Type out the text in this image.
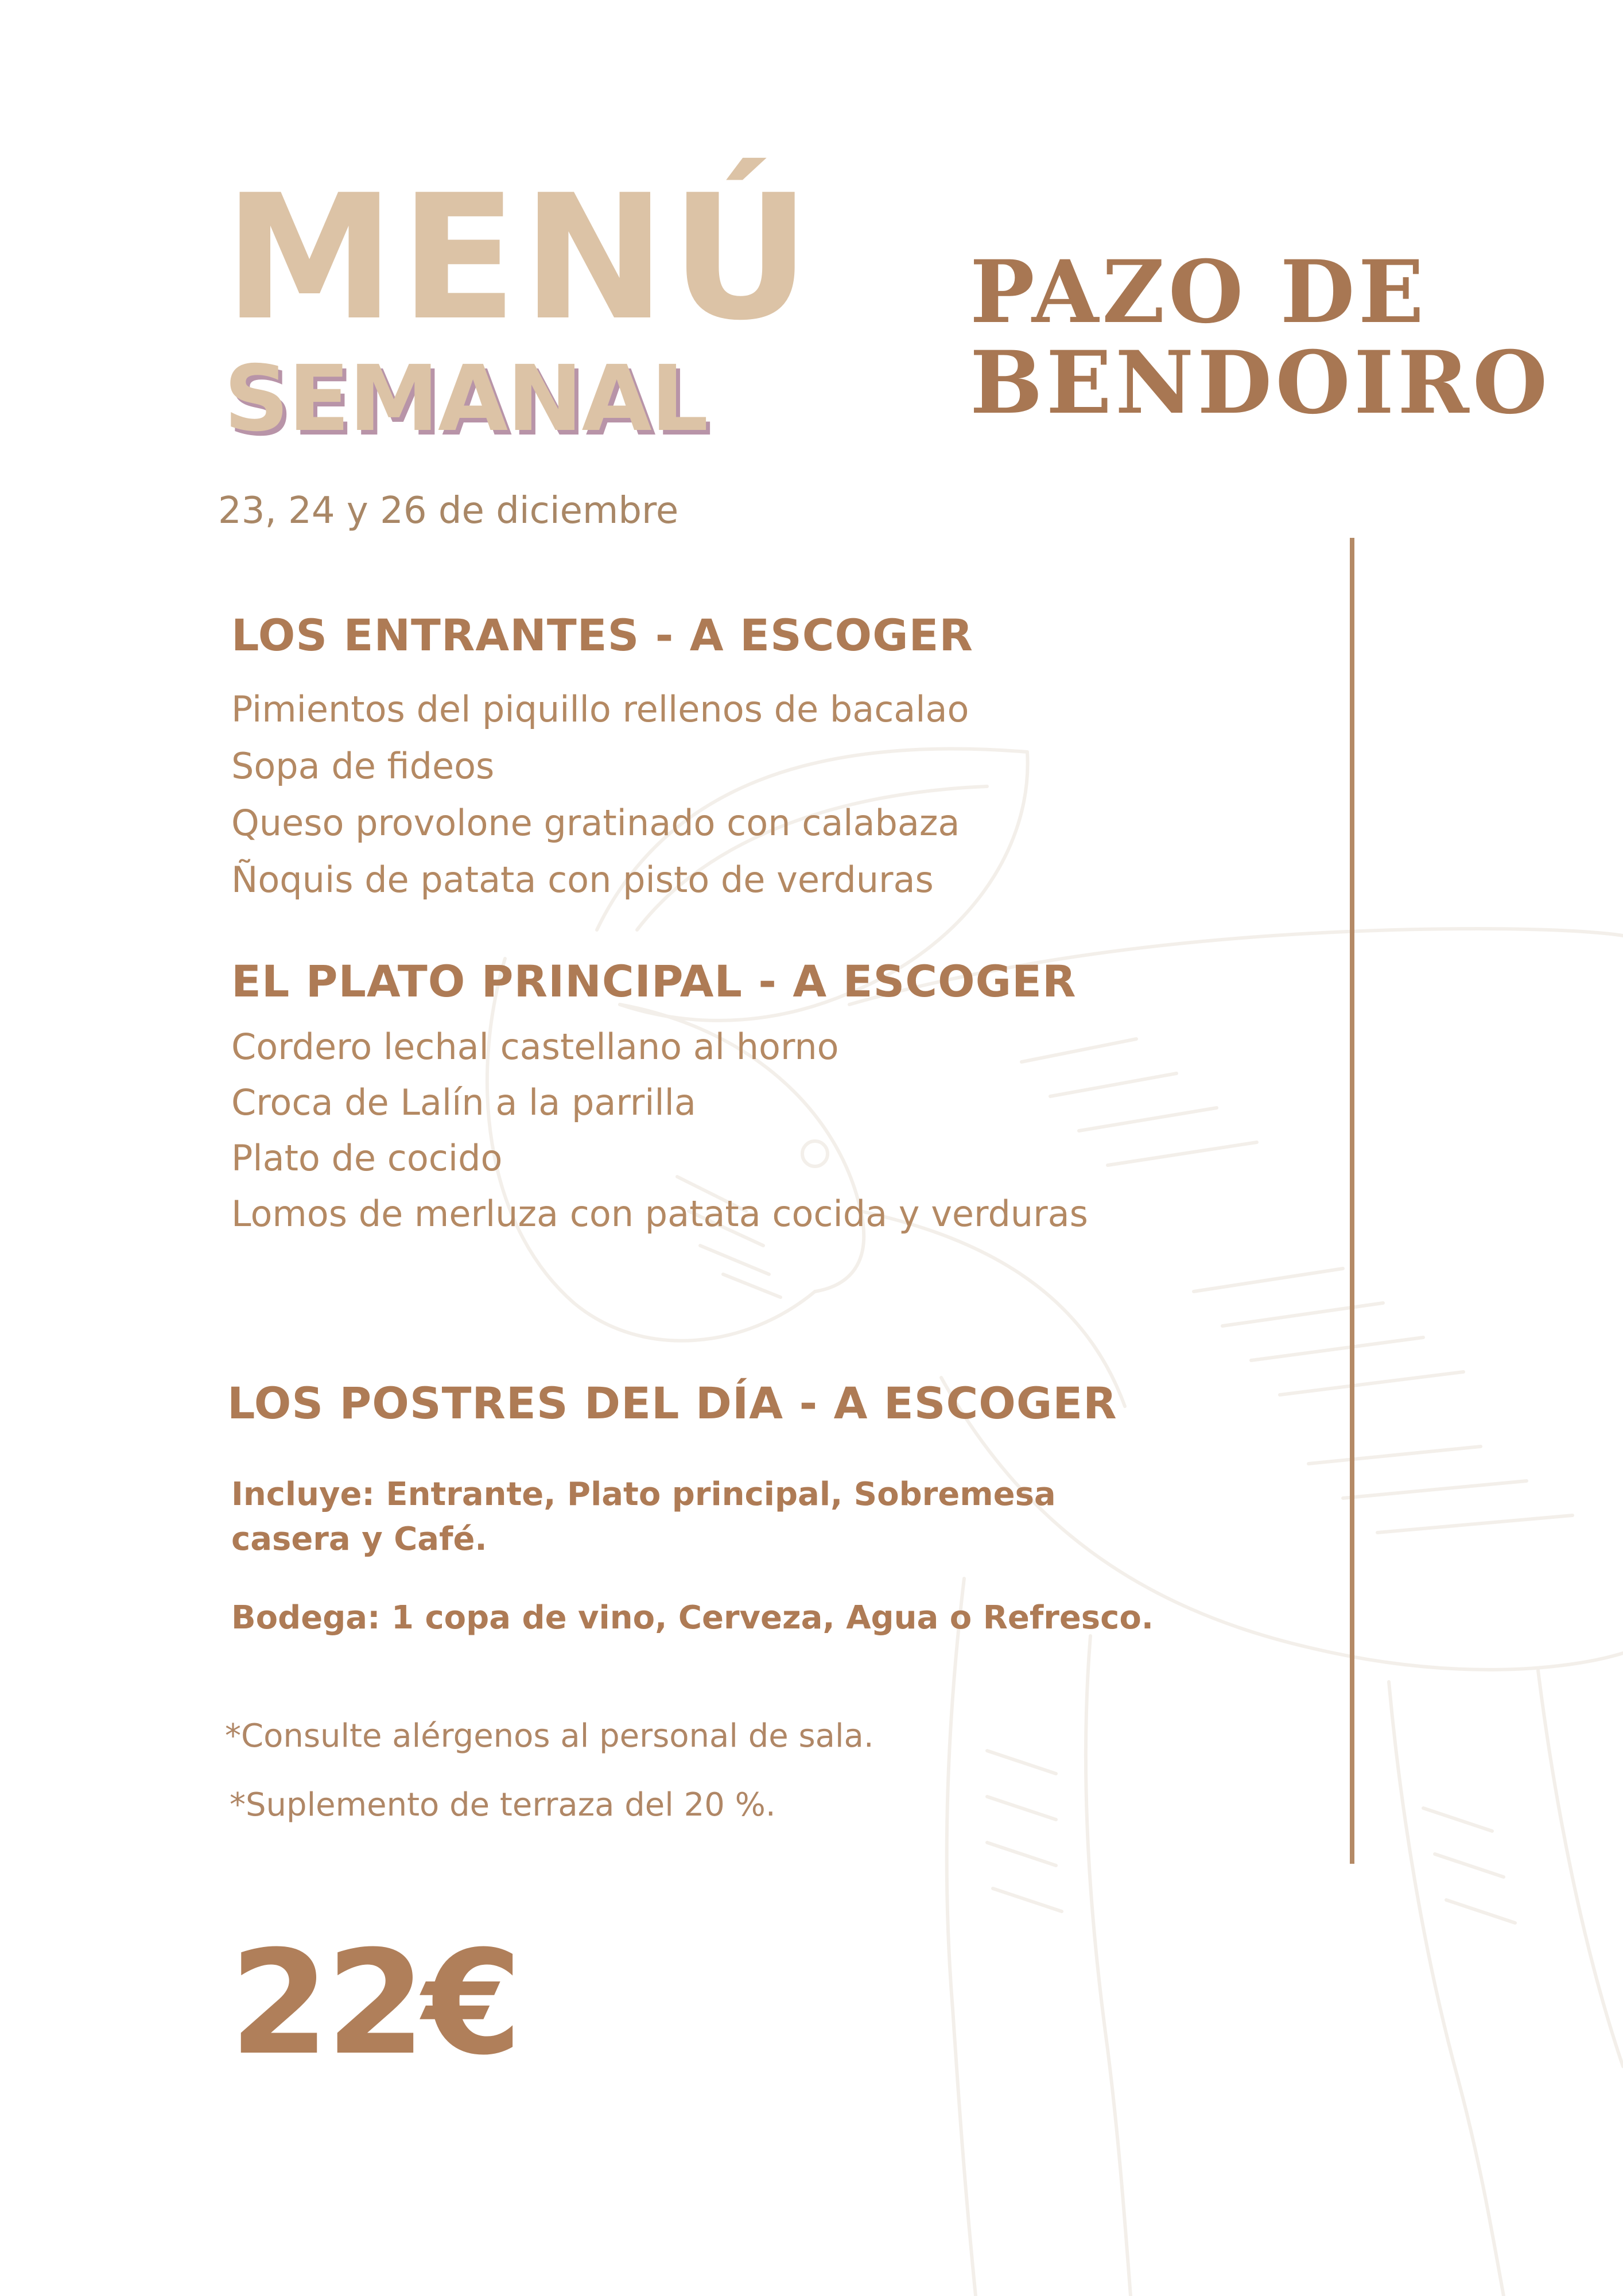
MENÚ
SEMANAL
PAZO DE
BENDOIRO
23, 24 y 26 de diciembre
LOS ENTRANTES - A ESCOGER
Pimientos del piquillo rellenos de bacalao
Sopa de fideos
Queso provolone gratinado con calabaza
Ñoquis de patata con pisto de verduras
EL PLATO PRINCIPAL - A ESCOGER
Cordero lechal castellano al horno
Croca de Lalín a la parrilla
Plato de cocido
Lomos de merluza con patata cocida y verduras
LOS POSTRES DEL DÍA - A ESCOGER
Incluye: Entrante, Plato principal, Sobremesa casera y Café.
Bodega: 1 copa de vino, Cerveza, Agua o Refresco.
*Consulte alérgenos al personal de sala.
*Suplemento de terraza del 20 %.
22€
